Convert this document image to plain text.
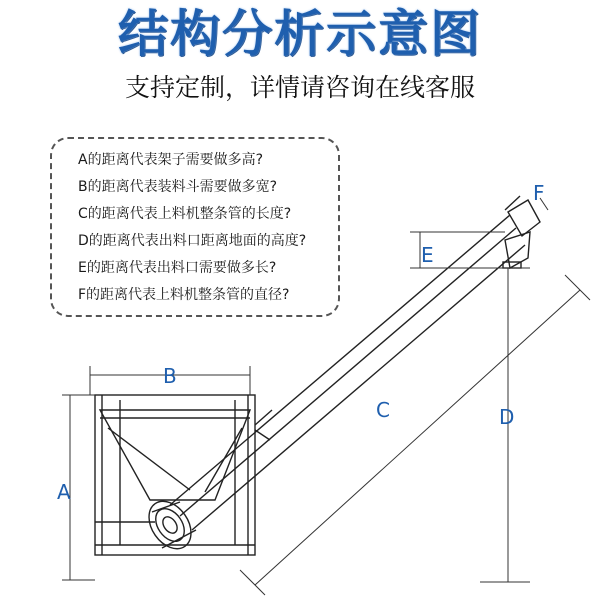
结构分析示意图
支持定制，详情请咨询在线客服
A的距离代表架子需要做多高?
B的距离代表装料斗需要做多宽?
C的距离代表上料机整条管的长度?
D的距离代表出料口距离地面的高度?
E的距离代表出料口需要做多长?
F的距离代表上料机整条管的直径?
A
B
C	D
E
F
